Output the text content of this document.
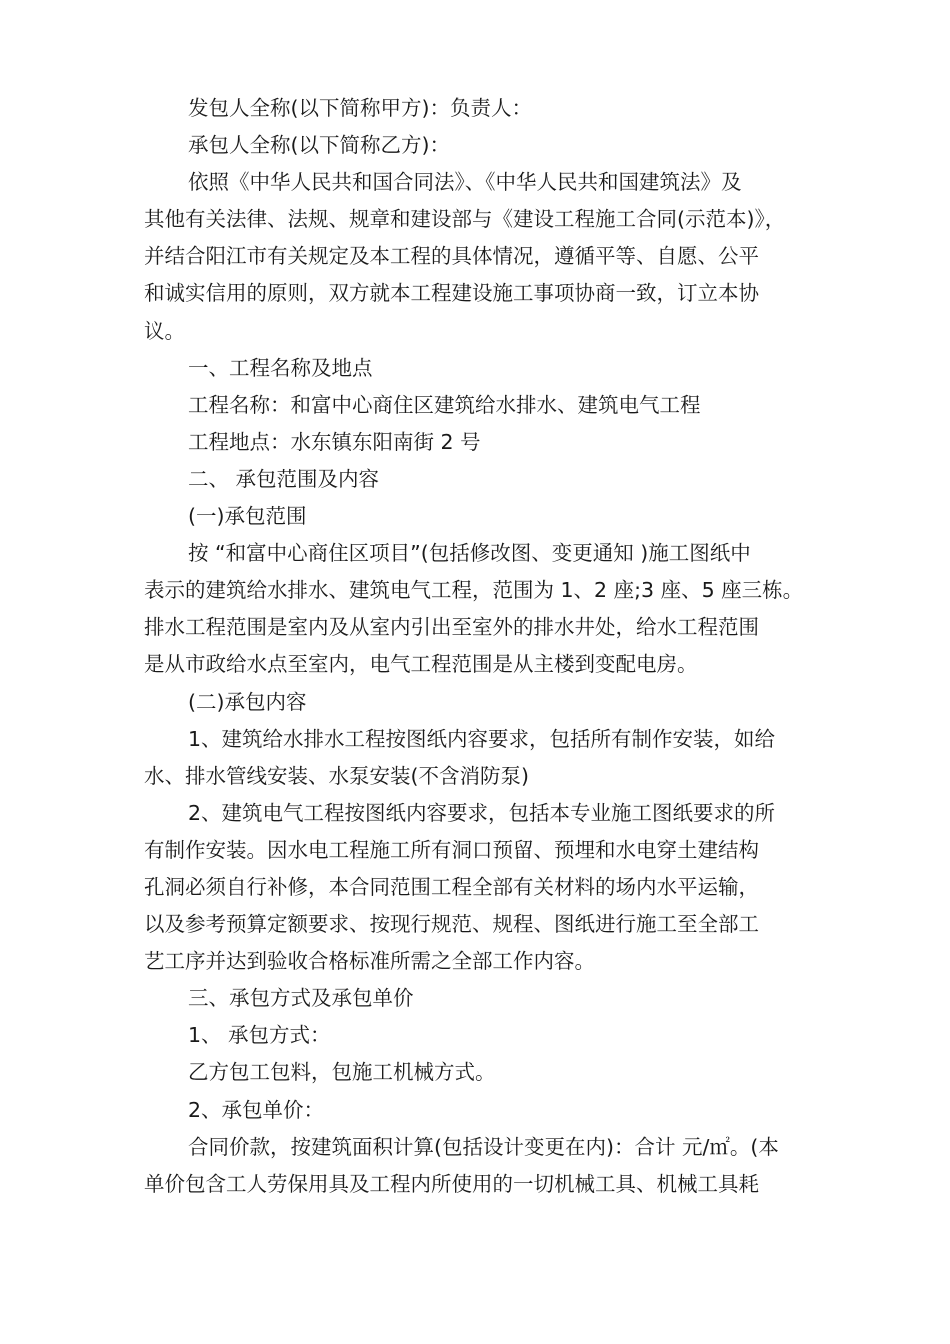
发包人全称(以下简称甲方)：负责人：

承包人全称(以下简称乙方)：

依照《中华人民共和国合同法》、《中华人民共和国建筑法》及

其他有关法律、法规、规章和建设部与《建设工程施工合同(示范本)》，

并结合阳江市有关规定及本工程的具体情况，遵循平等、自愿、公平

和诚实信用的原则，双方就本工程建设施工事项协商一致，订立本协

议。

一、工程名称及地点

工程名称：和富中心商住区建筑给水排水、建筑电气工程

工程地点：水东镇东阳南街 2 号

二、 承包范围及内容

(一)承包范围

按 “和富中心商住区项目”(包括修改图、变更通知 )施工图纸中

表示的建筑给水排水、建筑电气工程，范围为 1、2 座;3 座、5 座三栋。

排水工程范围是室内及从室内引出至室外的排水井处，给水工程范围

是从市政给水点至室内，电气工程范围是从主楼到变配电房。

(二)承包内容

1、建筑给水排水工程按图纸内容要求，包括所有制作安装，如给

水、排水管线安装、水泵安装(不含消防泵)

2、建筑电气工程按图纸内容要求，包括本专业施工图纸要求的所

有制作安装。因水电工程施工所有洞口预留、预埋和水电穿土建结构

孔洞必须自行补修，本合同范围工程全部有关材料的场内水平运输，

以及参考预算定额要求、按现行规范、规程、图纸进行施工至全部工

艺工序并达到验收合格标准所需之全部工作内容。

三、承包方式及承包单价

1、 承包方式：

乙方包工包料，包施工机械方式。

2、承包单价：

合同价款，按建筑面积计算(包括设计变更在内)：合计 元/㎡。(本

单价包含工人劳保用具及工程内所使用的一切机械工具、机械工具耗
